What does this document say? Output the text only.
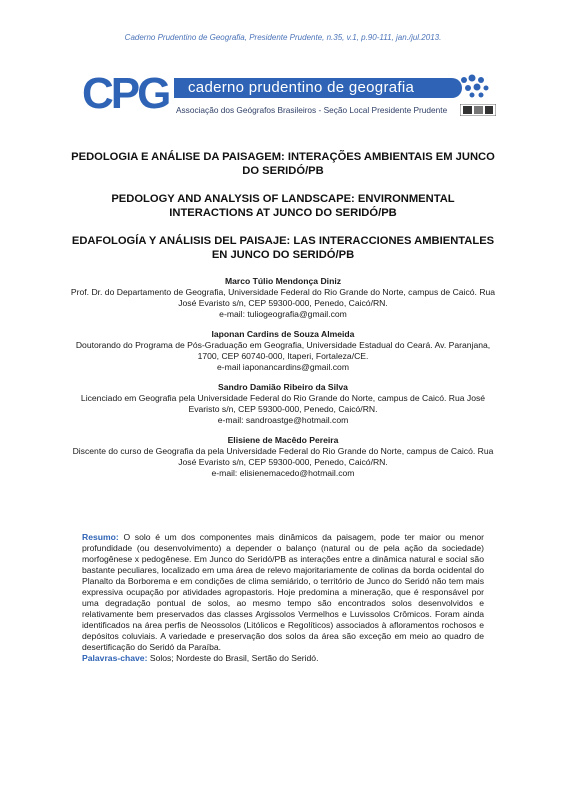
Caderno Prudentino de Geografia, Presidente Prudente, n.35, v.1, p.90-111, jan./jul.2013.
CPG	caderno prudentino de geografia
Associação dos Geógrafos Brasileiros - Seção Local Presidente Prudente
PEDOLOGIA E ANÁLISE DA PAISAGEM: INTERAÇÕES AMBIENTAIS EM JUNCO DO SERIDÓ/PB
PEDOLOGY AND ANALYSIS OF LANDSCAPE: ENVIRONMENTAL INTERACTIONS AT JUNCO DO SERIDÓ/PB
EDAFOLOGÍA Y ANÁLISIS DEL PAISAJE: LAS INTERACCIONES AMBIENTALES EN JUNCO DO SERIDÓ/PB
Marco Túlio Mendonça Diniz
Prof. Dr. do Departamento de Geografia, Universidade Federal do Rio Grande do Norte, campus de Caicó. Rua José Evaristo s/n, CEP 59300-000, Penedo, Caicó/RN.
e-mail: tuliogeografia@gmail.com
Iaponan Cardins de Souza Almeida
Doutorando do Programa de Pós-Graduação em Geografia, Universidade Estadual do Ceará. Av. Paranjana, 1700, CEP 60740-000, Itaperi, Fortaleza/CE.
e-mail iaponancardins@gmail.com
Sandro Damião Ribeiro da Silva
Licenciado em Geografia pela Universidade Federal do Rio Grande do Norte, campus de Caicó. Rua José Evaristo s/n, CEP 59300-000, Penedo, Caicó/RN.
e-mail: sandroastge@hotmail.com
Elisiene de Macêdo Pereira
Discente do curso de Geografia da pela Universidade Federal do Rio Grande do Norte, campus de Caicó. Rua José Evaristo s/n, CEP 59300-000, Penedo, Caicó/RN.
e-mail: elisienemacedo@hotmail.com
Resumo: O solo é um dos componentes mais dinâmicos da paisagem, pode ter maior ou menor profundidade (ou desenvolvimento) a depender o balanço (natural ou de pela ação da sociedade) morfogênese x pedogênese. Em Junco do Seridó/PB as interações entre a dinâmica natural e social são bastante peculiares, localizado em uma área de relevo majoritariamente de colinas da borda ocidental do Planalto da Borborema e em condições de clima semiárido, o território de Junco do Seridó não tem mais expressiva ocupação por atividades agropastoris. Hoje predomina a mineração, que é responsável por uma degradação pontual de solos, ao mesmo tempo são encontrados solos desenvolvidos e relativamente bem preservados das classes Argissolos Vermelhos e Luvissolos Crômicos. Foram ainda identificados na área perfis de Neossolos (Litólicos e Regolíticos) associados à afloramentos rochosos e depósitos coluviais. A variedade e preservação dos solos da área são exceção em meio ao quadro de desertificação do Seridó da Paraíba.
Palavras-chave: Solos; Nordeste do Brasil, Sertão do Seridó.
